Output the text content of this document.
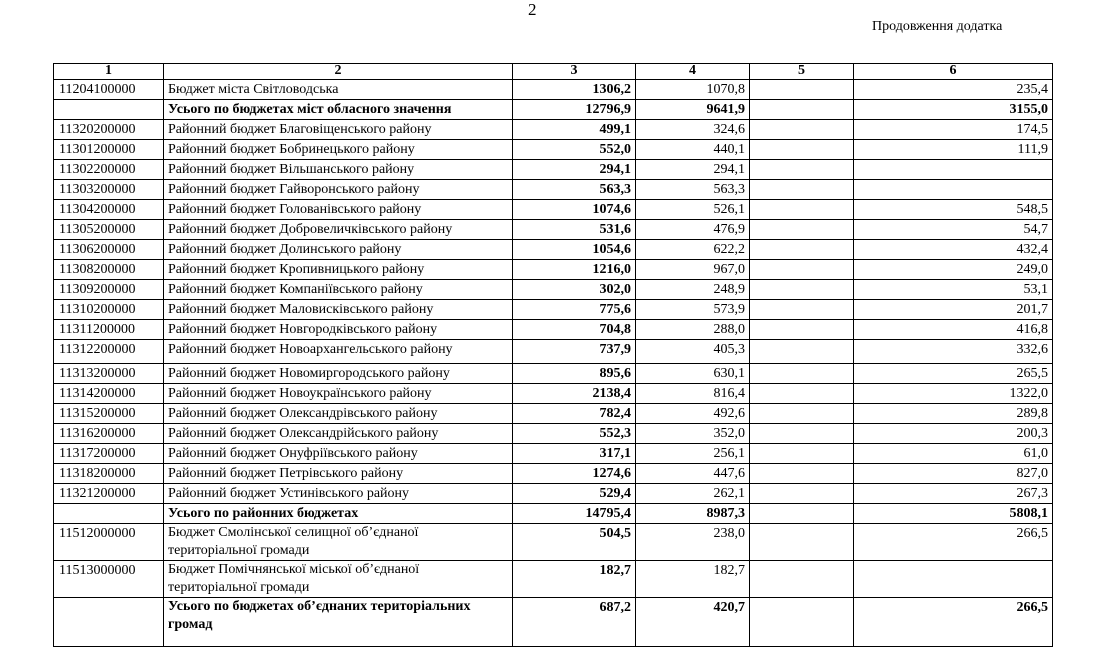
2
Продовження додатка
1	2	3	4	5	6
11204100000	Бюджет міста Світловодська	1306,2	1070,8		235,4
	Усього по бюджетах міст обласного значення	12796,9	9641,9		3155,0
11320200000	Районний бюджет Благовіщенського району	499,1	324,6		174,5
11301200000	Районний бюджет Бобринецького району	552,0	440,1		111,9
11302200000	Районний бюджет Вільшанського району	294,1	294,1		
11303200000	Районний бюджет Гайворонського району	563,3	563,3		
11304200000	Районний бюджет Голованівського району	1074,6	526,1		548,5
11305200000	Районний бюджет Добровеличківського району	531,6	476,9		54,7
11306200000	Районний бюджет Долинського району	1054,6	622,2		432,4
11308200000	Районний бюджет Кропивницького району	1216,0	967,0		249,0
11309200000	Районний бюджет Компаніївського району	302,0	248,9		53,1
11310200000	Районний бюджет Маловисківського району	775,6	573,9		201,7
11311200000	Районний бюджет Новгородківського району	704,8	288,0		416,8
11312200000	Районний бюджет Новоархангельського району	737,9	405,3		332,6
11313200000	Районний бюджет Новомиргородського району	895,6	630,1		265,5
11314200000	Районний бюджет Новоукраїнського району	2138,4	816,4		1322,0
11315200000	Районний бюджет Олександрівського району	782,4	492,6		289,8
11316200000	Районний бюджет Олександрійського району	552,3	352,0		200,3
11317200000	Районний бюджет Онуфріївського району	317,1	256,1		61,0
11318200000	Районний бюджет Петрівського району	1274,6	447,6		827,0
11321200000	Районний бюджет Устинівського району	529,4	262,1		267,3
	Усього по районних бюджетах	14795,4	8987,3		5808,1
11512000000	Бюджет Смолінської селищної об’єднаної територіальної громади	504,5	238,0		266,5
11513000000	Бюджет Помічнянської міської об’єднаної територіальної громади	182,7	182,7		
	Усього по бюджетах об’єднаних територіальних громад	687,2	420,7		266,5
